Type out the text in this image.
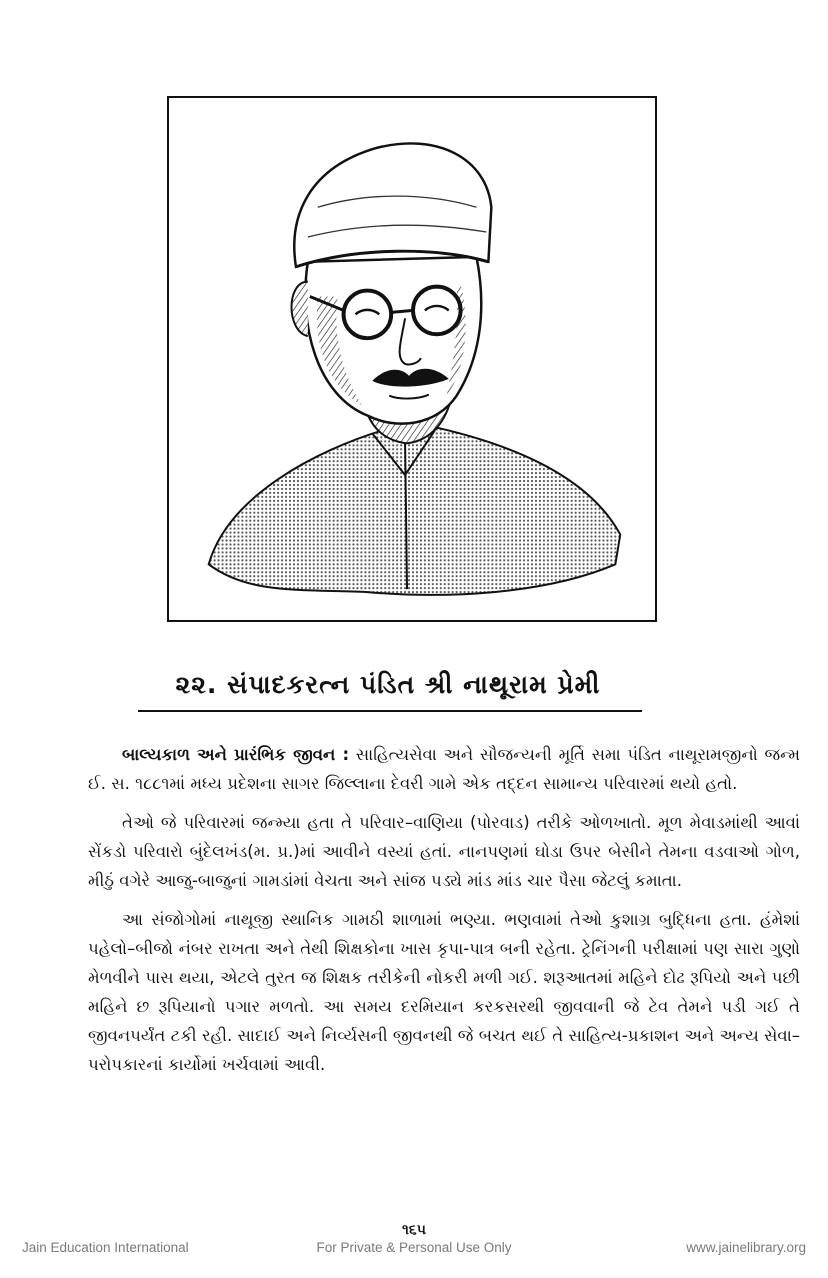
૨૨. સંપાદકરત્ન પંડિત શ્રી નાથૂરામ પ્રેમી

બાલ્યકાળ અને પ્રારંભિક જીવન : સાહિત્યસેવા અને સૌજન્યની મૂર્તિ સમા પંડિત નાથૂરામજીનો જન્મ ઈ. સ. ૧૮૮૧માં મધ્ય પ્રદેશના સાગર જિલ્લાના દેવરી ગામે એક તદ્દન સામાન્ય પરિવારમાં થયો હતો.

તેઓ જે પરિવારમાં જન્મ્યા હતા તે પરિવાર–વાણિયા (પોરવાડ) તરીકે ઓળખાતો. મૂળ મેવાડમાંથી આવાં સેંકડો પરિવારો બુંદેલખંડ(મ. પ્ર.)માં આવીને વસ્યાં હતાં. નાનપણમાં ઘોડા ઉપર બેસીને તેમના વડવાઓ ગોળ, મીઠું વગેરે આજુ-બાજુનાં ગામડાંમાં વેચતા અને સાંજ પડ્યે માંડ માંડ ચાર પૈસા જેટલું કમાતા.

આ સંજોગોમાં નાથૂજી સ્થાનિક ગામઠી શાળામાં ભણ્યા. ભણવામાં તેઓ કુશાગ્ર બુદ્ધિના હતા. હંમેશાં પહેલો–બીજો નંબર રાખતા અને તેથી શિક્ષકોના ખાસ કૃપા-પાત્ર બની રહેતા. ટ્રેનિંગની પરીક્ષામાં પણ સારા ગુણો મેળવીને પાસ થયા, એટલે તુરત જ શિક્ષક તરીકેની નોકરી મળી ગઈ. શરૂઆતમાં મહિને દોઢ રૂપિયો અને પછી મહિને છ રૂપિયાનો પગાર મળતો. આ સમય દરમિયાન કરકસરથી જીવવાની જે ટેવ તેમને પડી ગઈ તે જીવનપર્યંત ટકી રહી. સાદાઈ અને નિર્વ્યસની જીવનથી જે બચત થઈ તે સાહિત્ય-પ્રકાશન અને અન્ય સેવા–પરોપકારનાં કાર્યોમાં ખર્ચવામાં આવી.

૧૬૫
Jain Education International	For Private & Personal Use Only	www.jainelibrary.org
